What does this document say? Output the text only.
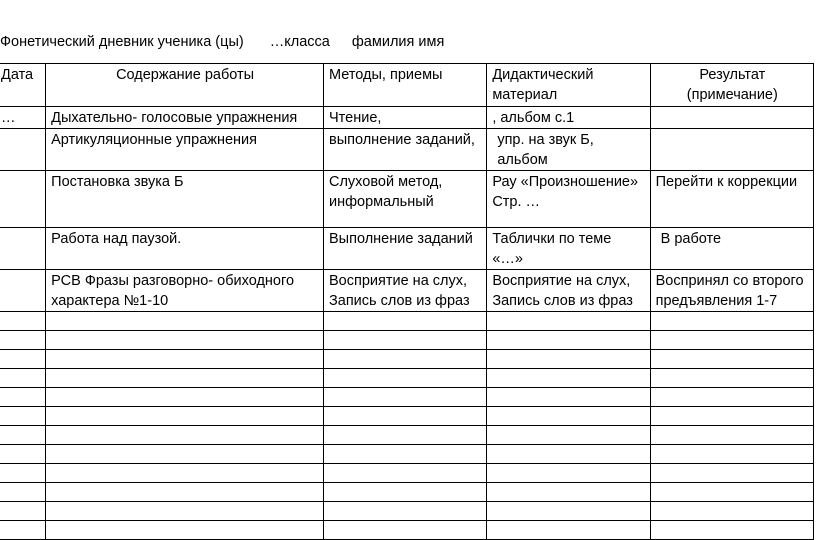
Фонетический дневник ученика (цы) …класса фамилия имя
Дата	Содержание работы	Методы, приемы	Дидактический материал	Результат (примечание)
…	Дыхательно- голосовые упражнения	Чтение,	, альбом с.1	
	Артикуляционные упражнения	выполнение заданий,	упр. на звук Б, альбом	
	Постановка звука Б	Слуховой метод, информальный	Рау «Произношение» Стр. …	Перейти к коррекции
	Работа над паузой.	Выполнение заданий	Таблички по теме «…»	В работе
	РСВ Фразы разговорно- обиходного характера №1-10	Восприятие на слух, Запись слов из фраз	Восприятие на слух, Запись слов из фраз	Воспринял со второго предъявления 1-7
